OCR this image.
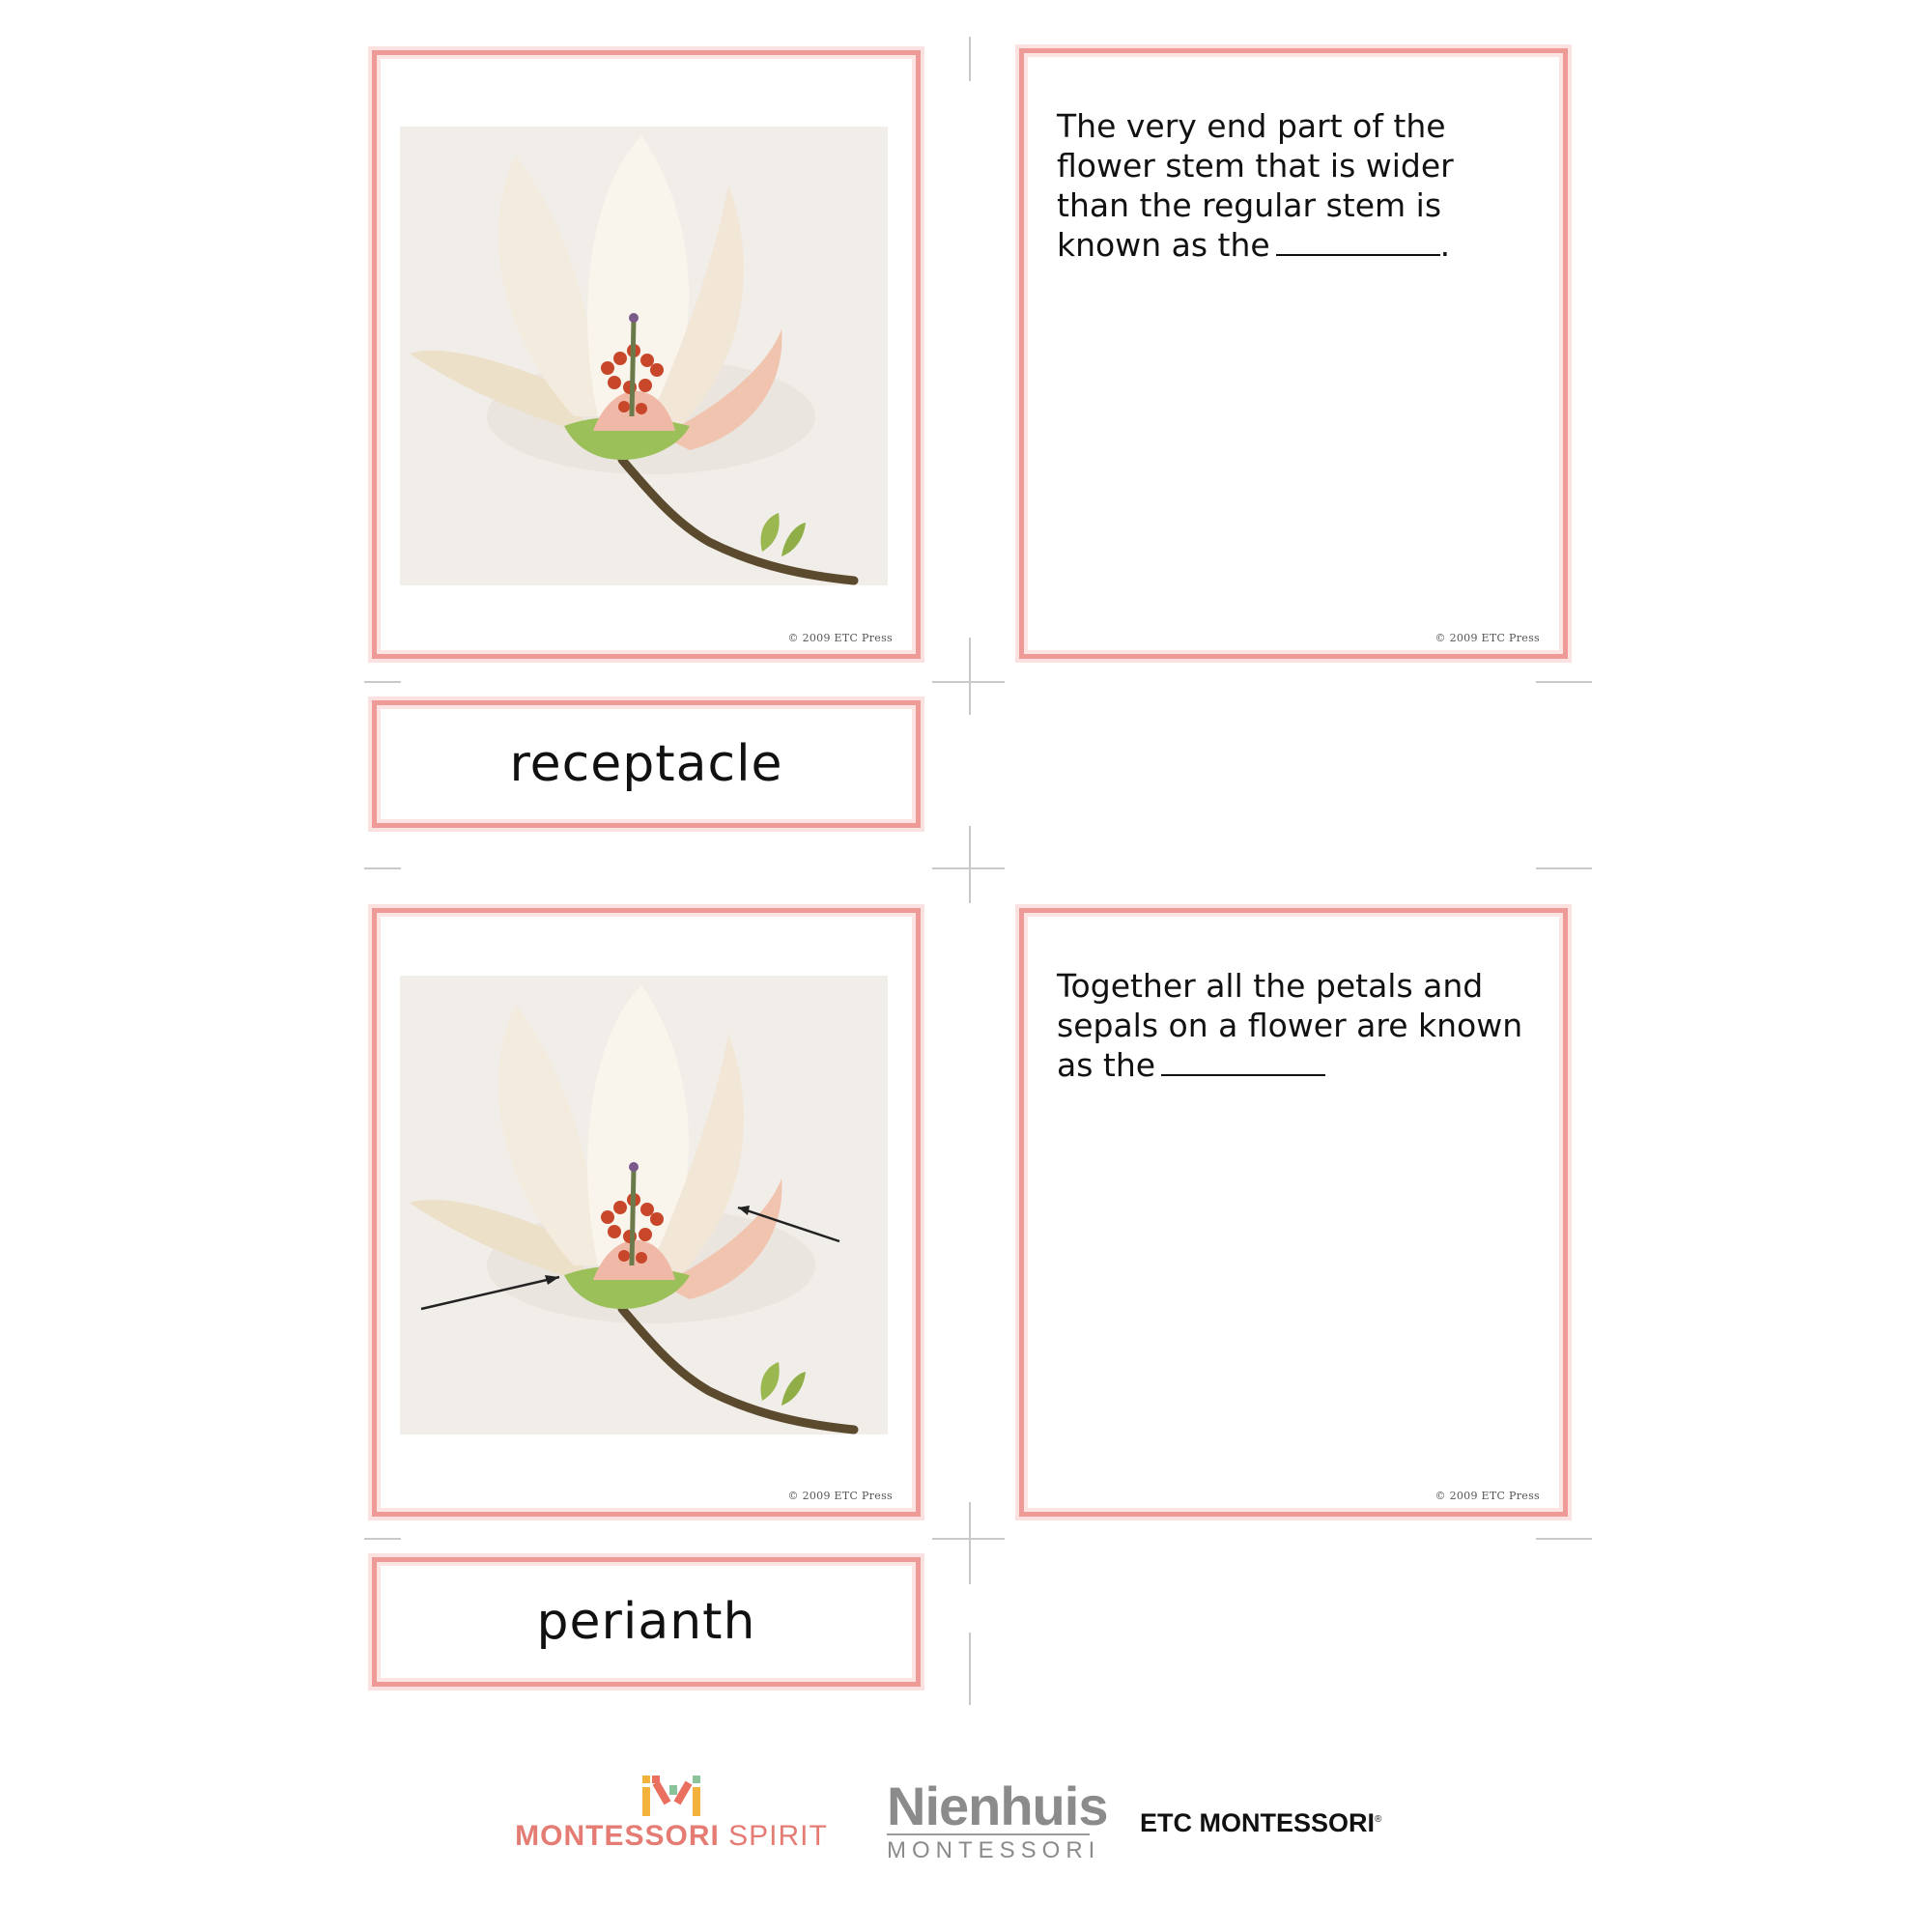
© 2009 ETC Press
receptacle
The very end part of the
flower stem that is wider
than the regular stem is
known as the	.
© 2009 ETC Press
© 2009 ETC Press
perianth
Together all the petals and
sepals on a flower are known
as the
© 2009 ETC Press
MONTESSORI SPIRIT Nienhuis
MONTESSORI
ETC MONTESSORI®
